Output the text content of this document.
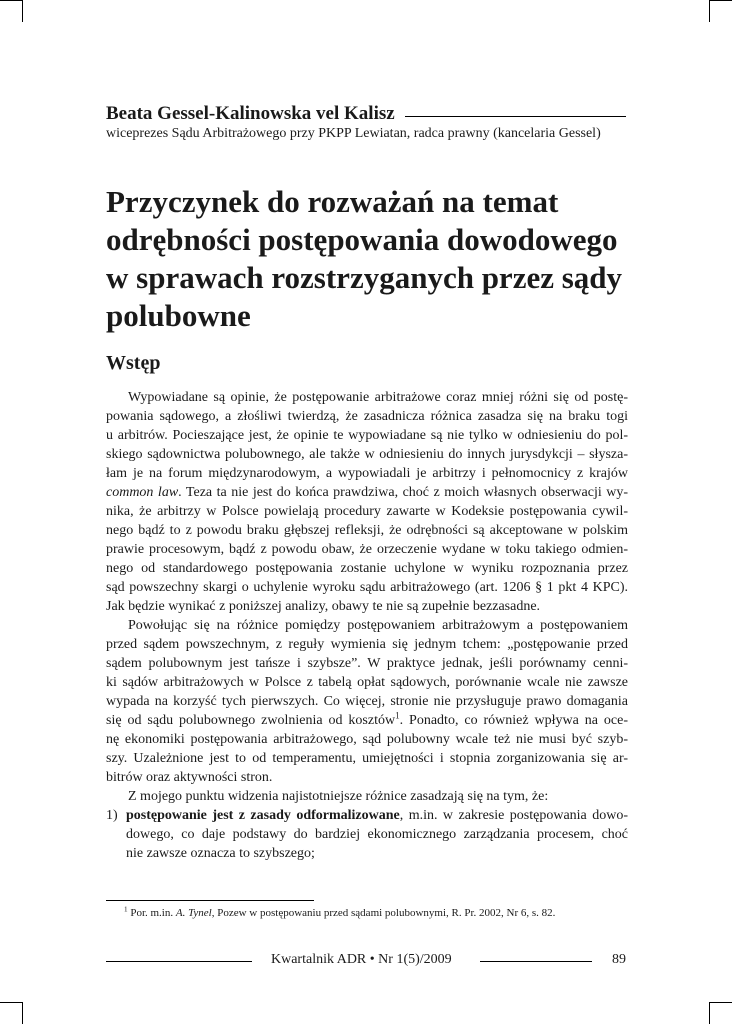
Beata Gessel-Kalinowska vel Kalisz
wiceprezes Sądu Arbitrażowego przy PKPP Lewiatan, radca prawny (kancelaria Gessel)
Przyczynek do rozważań na temat
odrębności postępowania dowodowego
w sprawach rozstrzyganych przez sądy
polubowne
Wstęp
Wypowiadane są opinie, że postępowanie arbitrażowe coraz mniej różni się od postę-
powania sądowego, a złośliwi twierdzą, że zasadnicza różnica zasadza się na braku togi
u arbitrów. Pocieszające jest, że opinie te wypowiadane są nie tylko w odniesieniu do pol-
skiego sądownictwa polubownego, ale także w odniesieniu do innych jurysdykcji – słysza-
łam je na forum międzynarodowym, a wypowiadali je arbitrzy i pełnomocnicy z krajów
common law. Teza ta nie jest do końca prawdziwa, choć z moich własnych obserwacji wy-
nika, że arbitrzy w Polsce powielają procedury zawarte w Kodeksie postępowania cywil-
nego bądź to z powodu braku głębszej refleksji, że odrębności są akceptowane w polskim
prawie procesowym, bądź z powodu obaw, że orzeczenie wydane w toku takiego odmien-
nego od standardowego postępowania zostanie uchylone w wyniku rozpoznania przez
sąd powszechny skargi o uchylenie wyroku sądu arbitrażowego (art. 1206 § 1 pkt 4 KPC).
Jak będzie wynikać z poniższej analizy, obawy te nie są zupełnie bezzasadne.
Powołując się na różnice pomiędzy postępowaniem arbitrażowym a postępowaniem
przed sądem powszechnym, z reguły wymienia się jednym tchem: „postępowanie przed
sądem polubownym jest tańsze i szybsze”. W praktyce jednak, jeśli porównamy cenni-
ki sądów arbitrażowych w Polsce z tabelą opłat sądowych, porównanie wcale nie zawsze
wypada na korzyść tych pierwszych. Co więcej, stronie nie przysługuje prawo domagania
się od sądu polubownego zwolnienia od kosztów$^1$. Ponadto, co również wpływa na oce-
nę ekonomiki postępowania arbitrażowego, sąd polubowny wcale też nie musi być szyb-
szy. Uzależnione jest to od temperamentu, umiejętności i stopnia zorganizowania się ar-
bitrów oraz aktywności stron.
Z mojego punktu widzenia najistotniejsze różnice zasadzają się na tym, że:
1) postępowanie jest z zasady odformalizowane, m.in. w zakresie postępowania dowo-
dowego, co daje podstawy do bardziej ekonomicznego zarządzania procesem, choć
nie zawsze oznacza to szybszego;
$^1$ Por. m.in. A. Tynel, Pozew w postępowaniu przed sądami polubownymi, R. Pr. 2002, Nr 6, s. 82.
Kwartalnik ADR • Nr 1(5)/2009	89
